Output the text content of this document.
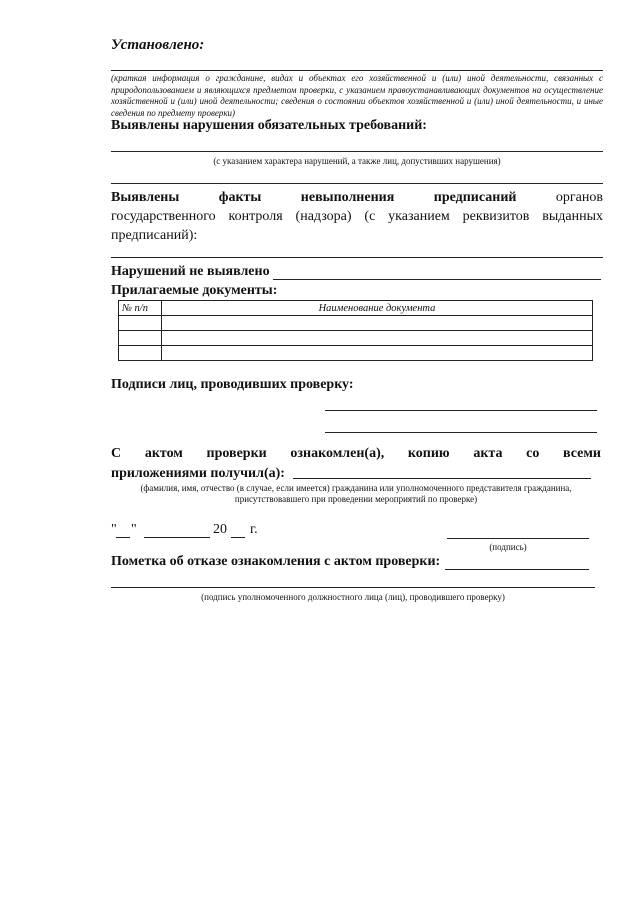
Установлено:
(краткая информация о гражданине, видах и объектах его хозяйственной и (или) иной деятельности, связанных с природопользованием и являющихся предметом проверки, с указанием правоустанавливающих документов на осуществление хозяйственной и (или) иной деятельности; сведения о состоянии объектов хозяйственной и (или) иной деятельности, и иные сведения по предмету проверки)
Выявлены нарушения обязательных требований:
(с указанием характера нарушений, а также лиц, допустивших нарушения)
Выявлены	факты	невыполнения	предписаний	органов
государственного контроля (надзора) (с указанием реквизитов выданных предписаний):
Нарушений не выявлено
Прилагаемые документы:
№ п/п	Наименование документа

Подписи лиц, проводивших проверку:
С актом проверки ознакомлен(а), копию акта со всеми
приложениями получил(а):
(фамилия, имя, отчество (в случае, если имеется) гражданина или уполномоченного представителя гражданина,
присутствовавшего при проведении мероприятий по проверке)
" "	20 г.
(подпись)
Пометка об отказе ознакомления с актом проверки:
(подпись уполномоченного должностного лица (лиц), проводившего проверку)
